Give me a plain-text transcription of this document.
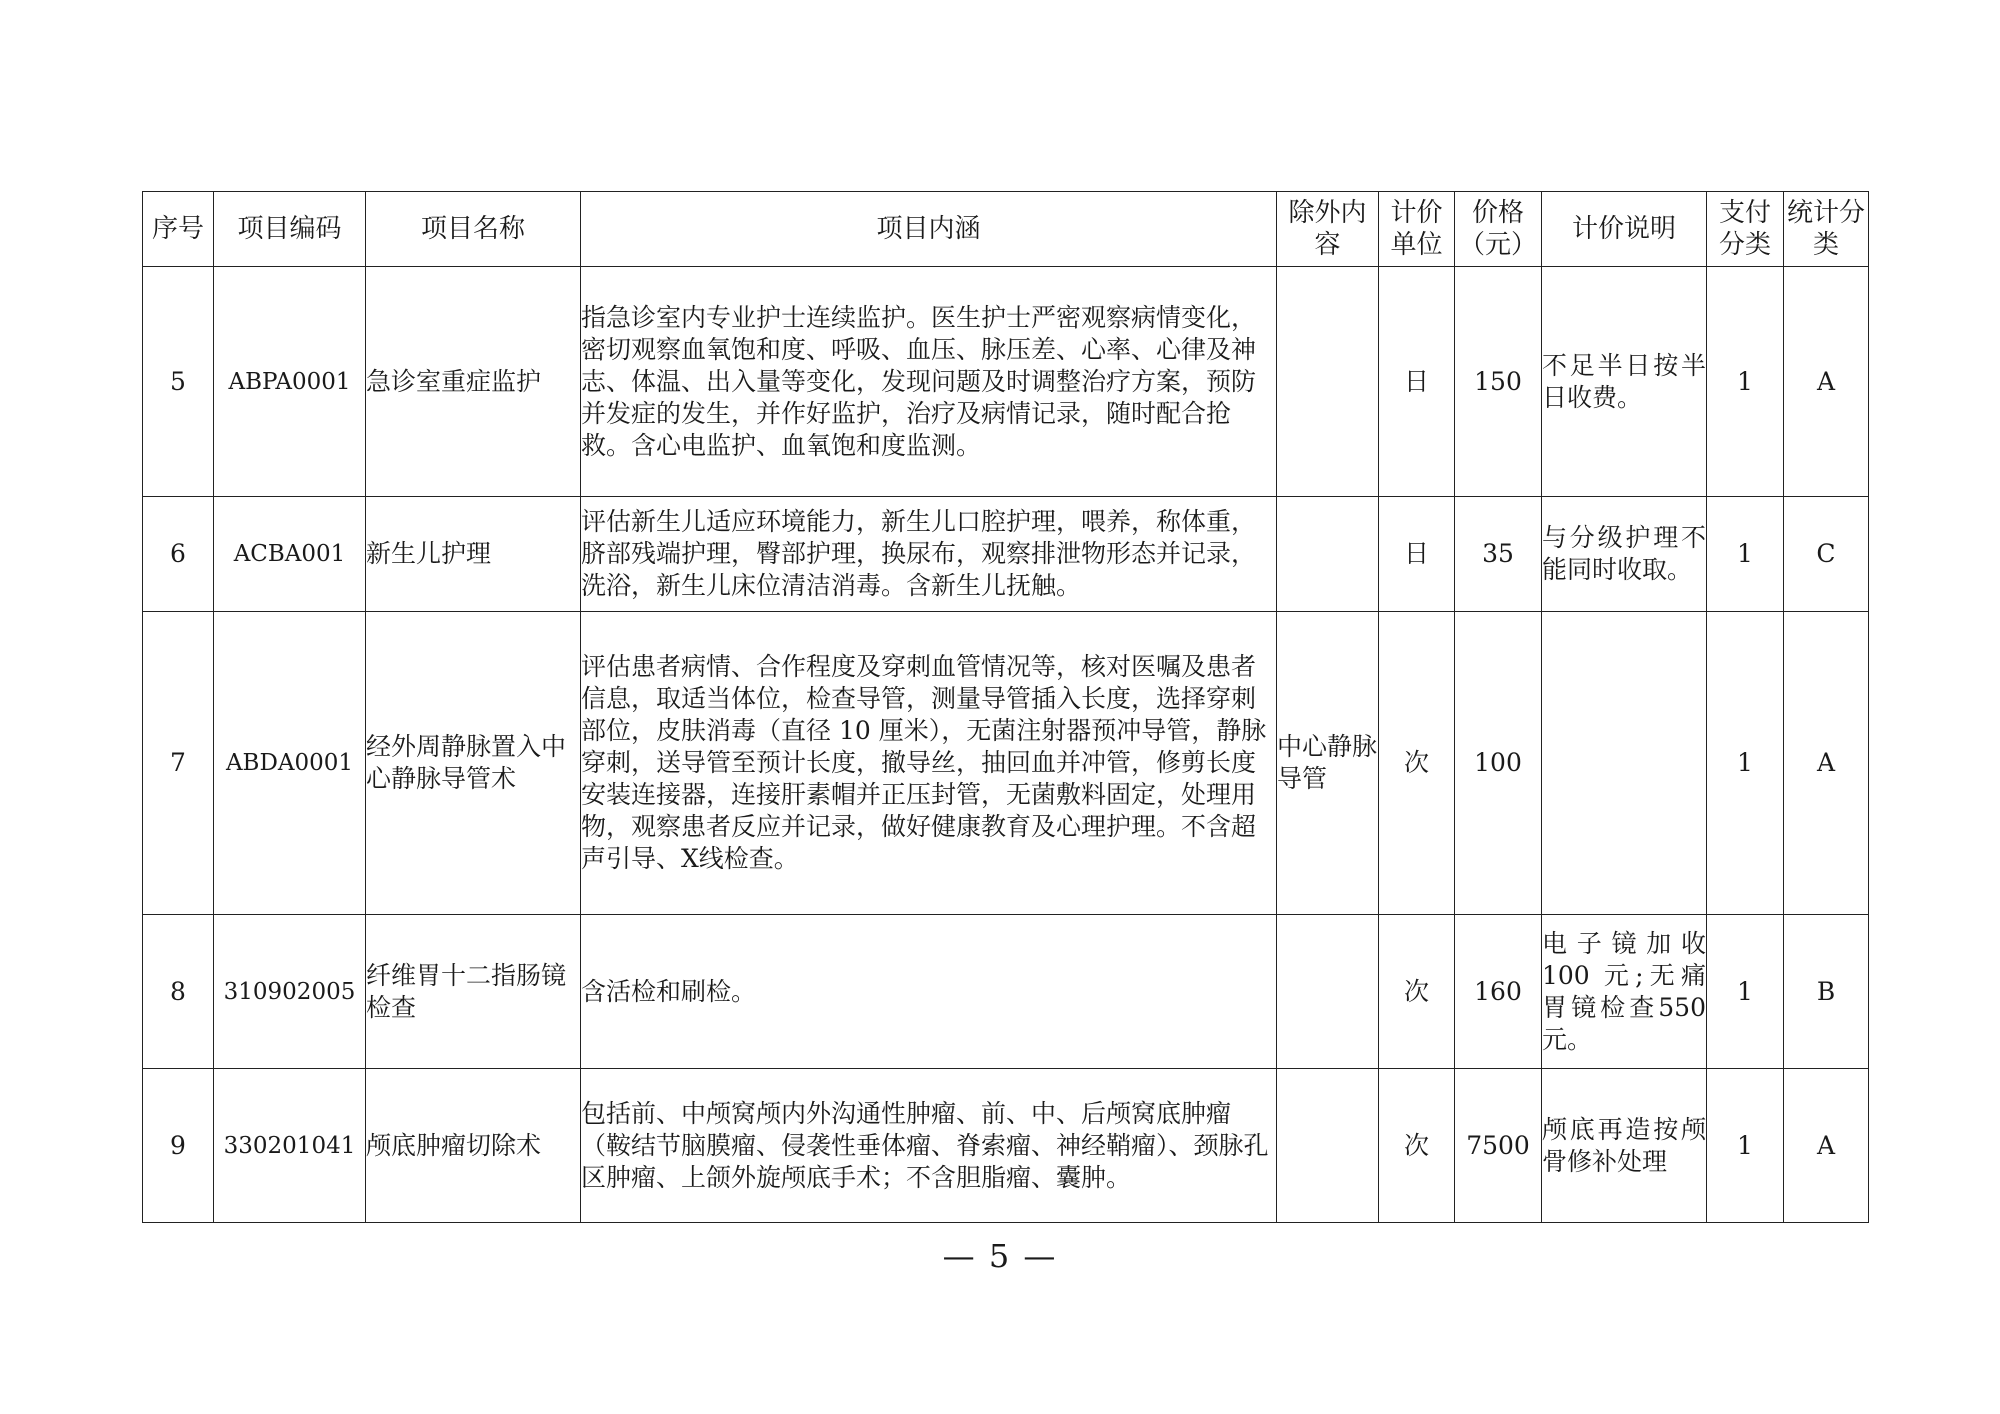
序号	项目编码	项目名称	项目内涵	除外内容	计价单位	价格（元）	计价说明	支付分类	统计分类
5	ABPA0001	急诊室重症监护	指急诊室内专业护士连续监护。医生护士严密观察病情变化，密切观察血氧饱和度、呼吸、血压、脉压差、心率、心律及神志、体温、出入量等变化，发现问题及时调整治疗方案，预防并发症的发生，并作好监护，治疗及病情记录，随时配合抢救。含心电监护、血氧饱和度监测。		日	150	不足半日按半日收费。	1	A
6	ACBA001	新生儿护理	评估新生儿适应环境能力，新生儿口腔护理，喂养，称体重，脐部残端护理，臀部护理，换尿布，观察排泄物形态并记录，洗浴，新生儿床位清洁消毒。含新生儿抚触。		日	35	与分级护理不能同时收取。	1	C
7	ABDA0001	经外周静脉置入中心静脉导管术	评估患者病情、合作程度及穿刺血管情况等，核对医嘱及患者信息，取适当体位，检查导管，测量导管插入长度，选择穿刺部位，皮肤消毒（直径 10 厘米），无菌注射器预冲导管，静脉穿刺，送导管至预计长度，撤导丝，抽回血并冲管，修剪长度安装连接器，连接肝素帽并正压封管，无菌敷料固定，处理用物，观察患者反应并记录，做好健康教育及心理护理。不含超声引导、X线检查。	中心静脉导管	次	100		1	A
8	310902005	纤维胃十二指肠镜检查	含活检和刷检。		次	160	电子镜加收100 元;无痛胃镜检查550 元。	1	B
9	330201041	颅底肿瘤切除术	包括前、中颅窝颅内外沟通性肿瘤、前、中、后颅窝底肿瘤（鞍结节脑膜瘤、侵袭性垂体瘤、脊索瘤、神经鞘瘤）、颈脉孔区肿瘤、上颌外旋颅底手术；不含胆脂瘤、囊肿。		次	7500	颅底再造按颅骨修补处理	1	A
— 5 —
